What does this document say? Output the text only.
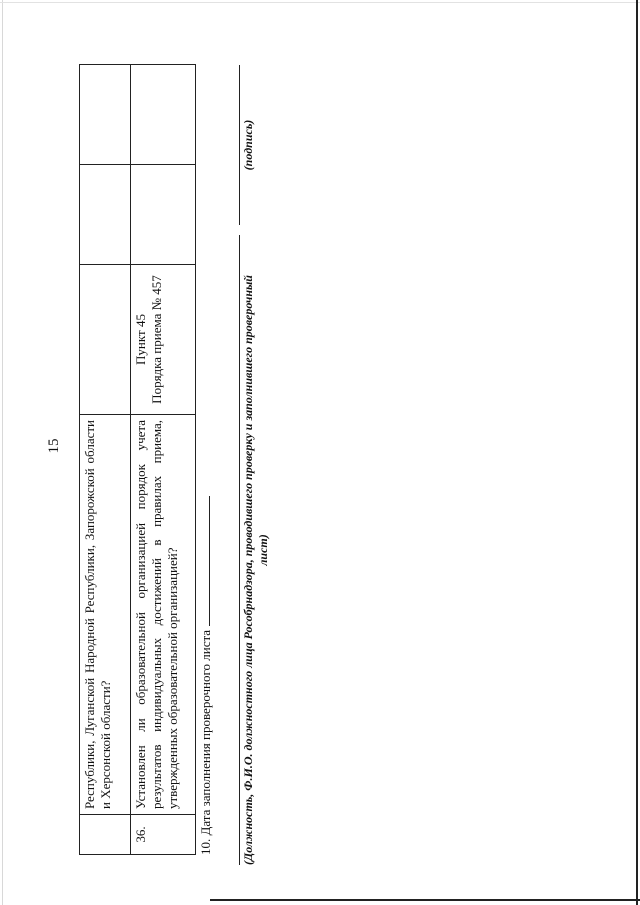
15
	Республики, Луганской Народной Республики, Запорожской области и Херсонской области?	

36.	Установлен ли образовательной организацией порядок учета результатов индивидуальных достижений в правилах приема, утвержденных образовательной организацией?	Пункт 45 Порядка приема № 457		

10. Дата заполнения проверочного листа (Должность, Ф.И.О. должностного лица Рособрнадзора, проводившего проверку и заполнившего проверочный лист)
(подпись)
